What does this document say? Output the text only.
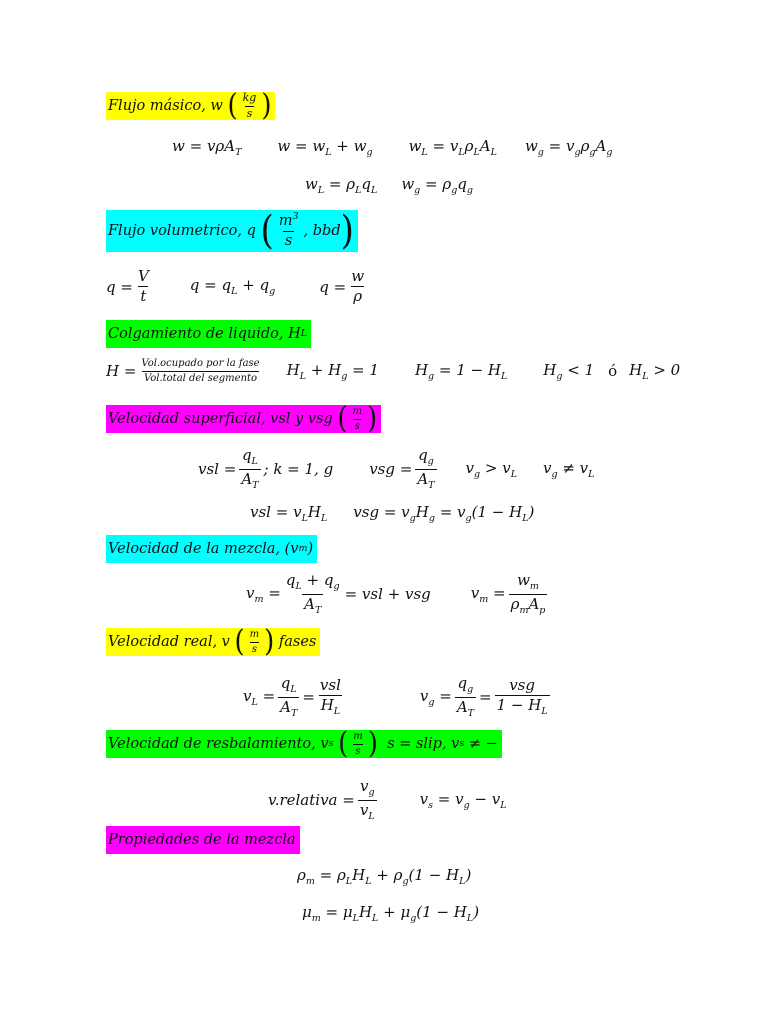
Flujo másico, w
( $\frac{kg}{s}$ )
w = vρA$_T$ $w = w_L + w_g$ $w_L = v_L\rho_LA_L$ $w_g = v_g\rho_gA_g$
$w_L = \rho_Lq_L$ $w_g = \rho_gq_g$
Flujo volumetrico, q
( $\frac{m^3}{s}$ , bbd )
$q = \frac{V}{t}$	$q = q_L + q_g$	$q = \frac{w}{\rho}$
Colgamiento de liquido, H L
$H = \frac{\text{Vol.ocupado por la fase}}{\text{Vol.total del segmento}} H_L + H_g = 1$ $H_g = 1 - H_L$ $H_g < 1$ ó $H_L > 0$
Velocidad superficial, vsl y vsg
( $\frac{m}{s}$ )
vsl = $\frac{q_L}{A_T}$ ; k = 1, g vsg = $\frac{q_g}{A_T} v_g > v_L$ $v_g \ne v_L$
vsl = $v_LH_L$ vsg = $v_gH_g = v_g(1 - H_L)$
Velocidad de la mezcla, (v m )
$v_m = \frac{q_L + q_g}{A_T}$ = vsl + vsg	$v_m = \frac{w_m}{\rho_mA_p}$
Velocidad real, v
( $\frac{m}{s}$ )
fases
$v_L = \frac{q_L}{A_T} = \frac{\text{vsl}}{H_L}$	$v_g = \frac{q_g}{A_T} = \frac{\text{vsg}}{1 - H_L}$
Velocidad de resbalamiento, v s
( $\frac{m}{s}$ )
s = slip, v s
≠ −
v.relativa = $\frac{v_g}{v_L}$	$v_s = v_g - v_L$
Propiedades de la mezcla
$\rho_m = \rho_LH_L + \rho_g(1 - H_L)$
$\mu_m = \mu_LH_L + \mu_g(1 - H_L)$
